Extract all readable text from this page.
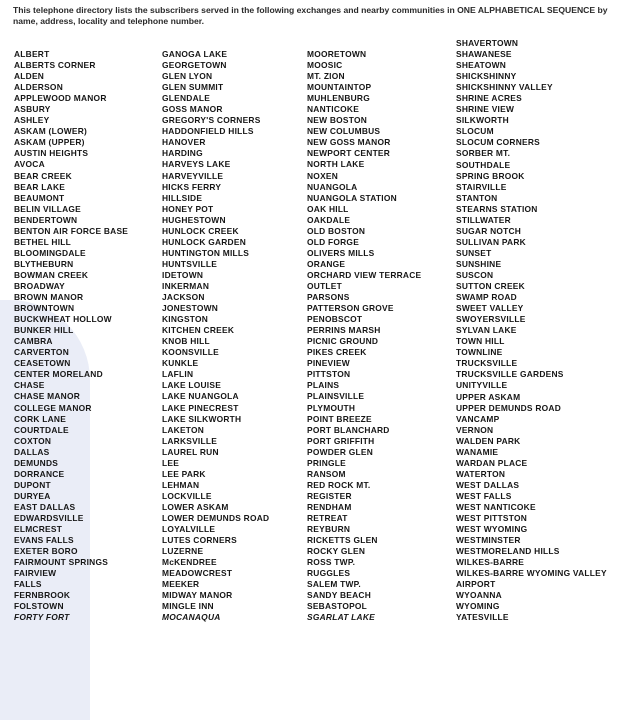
This telephone directory lists the subscribers served in the following exchanges and nearby communities in ONE ALPHABETICAL SEQUENCE by name, address, locality and telephone number.
ALBERT
ALBERTS CORNER
ALDEN
ALDERSON
APPLEWOOD MANOR
ASBURY
ASHLEY
ASKAM (LOWER)
ASKAM (UPPER)
AUSTIN HEIGHTS
AVOCA
BEAR CREEK
BEAR LAKE
BEAUMONT
BELIN VILLAGE
BENDERTOWN
BENTON AIR FORCE BASE
BETHEL HILL
BLOOMINGDALE
BLYTHEBURN
BOWMAN CREEK
BROADWAY
BROWN MANOR
BROWNTOWN
BUCKWHEAT HOLLOW
BUNKER HILL
CAMBRA
CARVERTON
CEASETOWN
CENTER MORELAND
CHASE
CHASE MANOR
COLLEGE MANOR
CORK LANE
COURTDALE
COXTON
DALLAS
DEMUNDS
DORRANCE
DUPONT
DURYEA
EAST DALLAS
EDWARDSVILLE
ELMCREST
EVANS FALLS
EXETER BORO
FAIRMOUNT SPRINGS
FAIRVIEW
FALLS
FERNBROOK
FOLSTOWN
FORTY FORT
GANOGA LAKE
GEORGETOWN
GLEN LYON
GLEN SUMMIT
GLENDALE
GOSS MANOR
GREGORY'S CORNERS
HADDONFIELD HILLS
HANOVER
HARDING
HARVEYS LAKE
HARVEYVILLE
HICKS FERRY
HILLSIDE
HONEY POT
HUGHESTOWN
HUNLOCK CREEK
HUNLOCK GARDEN
HUNTINGTON MILLS
HUNTSVILLE
IDETOWN
INKERMAN
JACKSON
JONESTOWN
KINGSTON
KITCHEN CREEK
KNOB HILL
KOONSVILLE
KUNKLE
LAFLIN
LAKE LOUISE
LAKE NUANGOLA
LAKE PINECREST
LAKE SILKWORTH
LAKETON
LARKSVILLE
LAUREL RUN
LEE
LEE PARK
LEHMAN
LOCKVILLE
LOWER ASKAM
LOWER DEMUNDS ROAD
LOYALVILLE
LUTES CORNERS
LUZERNE
McKENDREE
MEADOWCREST
MEEKER
MIDWAY MANOR
MINGLE INN
MOCANAQUA
MOORETOWN
MOOSIC
MT. ZION
MOUNTAINTOP
MUHLENBURG
NANTICOKE
NEW BOSTON
NEW COLUMBUS
NEW GOSS MANOR
NEWPORT CENTER
NORTH LAKE
NOXEN
NUANGOLA
NUANGOLA STATION
OAK HILL
OAKDALE
OLD BOSTON
OLD FORGE
OLIVERS MILLS
ORANGE
ORCHARD VIEW TERRACE
OUTLET
PARSONS
PATTERSON GROVE
PENOBSCOT
PERRINS MARSH
PICNIC GROUND
PIKES CREEK
PINEVIEW
PITTSTON
PLAINS
PLAINSVILLE
PLYMOUTH
POINT BREEZE
PORT BLANCHARD
PORT GRIFFITH
POWDER GLEN
PRINGLE
RANSOM
RED ROCK MT.
REGISTER
RENDHAM
RETREAT
REYBURN
RICKETTS GLEN
ROCKY GLEN
ROSS TWP.
RUGGLES
SALEM TWP.
SANDY BEACH
SEBASTOPOL
SGARLAT LAKE
SHAVERTOWN
SHAWANESE
SHEATOWN
SHICKSHINNY
SHICKSHINNY VALLEY
SHRINE ACRES
SHRINE VIEW
SILKWORTH
SLOCUM
SLOCUM CORNERS
SORBER MT.
SOUTHDALE
SPRING BROOK
STAIRVILLE
STANTON
STEARNS STATION
STILLWATER
SUGAR NOTCH
SULLIVAN PARK
SUNSET
SUNSHINE
SUSCON
SUTTON CREEK
SWAMP ROAD
SWEET VALLEY
SWOYERSVILLE
SYLVAN LAKE
TOWN HILL
TOWNLINE
TRUCKSVILLE
TRUCKSVILLE GARDENS
UNITYVILLE
UPPER ASKAM
UPPER DEMUNDS ROAD
VANCAMP
VERNON
WALDEN PARK
WANAMIE
WARDAN PLACE
WATERTON
WEST DALLAS
WEST FALLS
WEST NANTICOKE
WEST PITTSTON
WEST WYOMING
WESTMINSTER
WESTMORELAND HILLS
WILKES-BARRE
WILKES-BARRE WYOMING VALLEY
AIRPORT
WYOANNA
WYOMING
YATESVILLE
